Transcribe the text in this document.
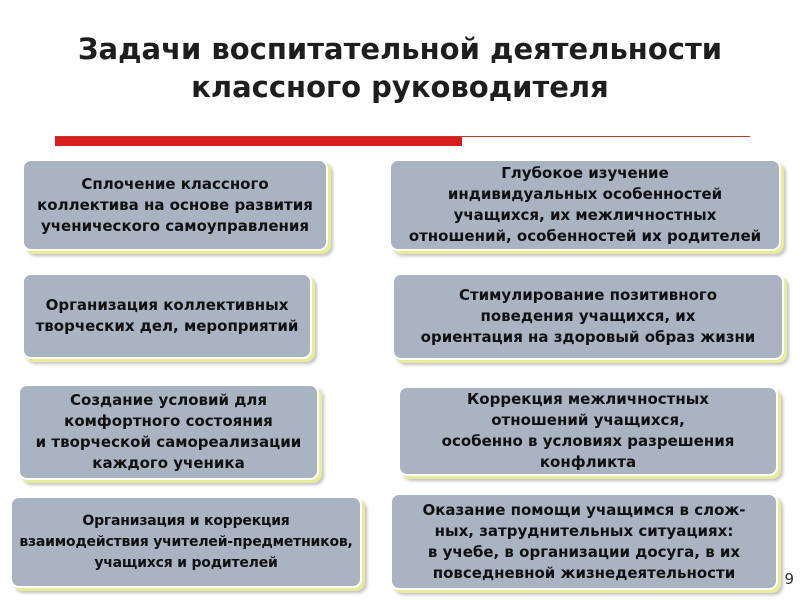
Задачи воспитательной деятельности
классного руководителя
Сплочение классного
коллектива на основе развития
ученического самоуправления
Организация коллективных
творческих дел, мероприятий
Создание условий для
комфортного состояния
и творческой самореализации
каждого ученика
Организация и коррекция
взаимодействия учителей-предметников,
учащихся и родителей
Глубокое изучение
индивидуальных особенностей
учащихся, их межличностных
отношений, особенностей их родителей
Стимулирование позитивного
поведения учащихся, их
ориентация на здоровый образ жизни
Коррекция межличностных
отношений учащихся,
особенно в условиях разрешения
конфликта
Оказание помощи учащимся в слож-
ных, затруднительных ситуациях:
в учебе, в организации досуга, в их
повседневной жизнедеятельности	9
